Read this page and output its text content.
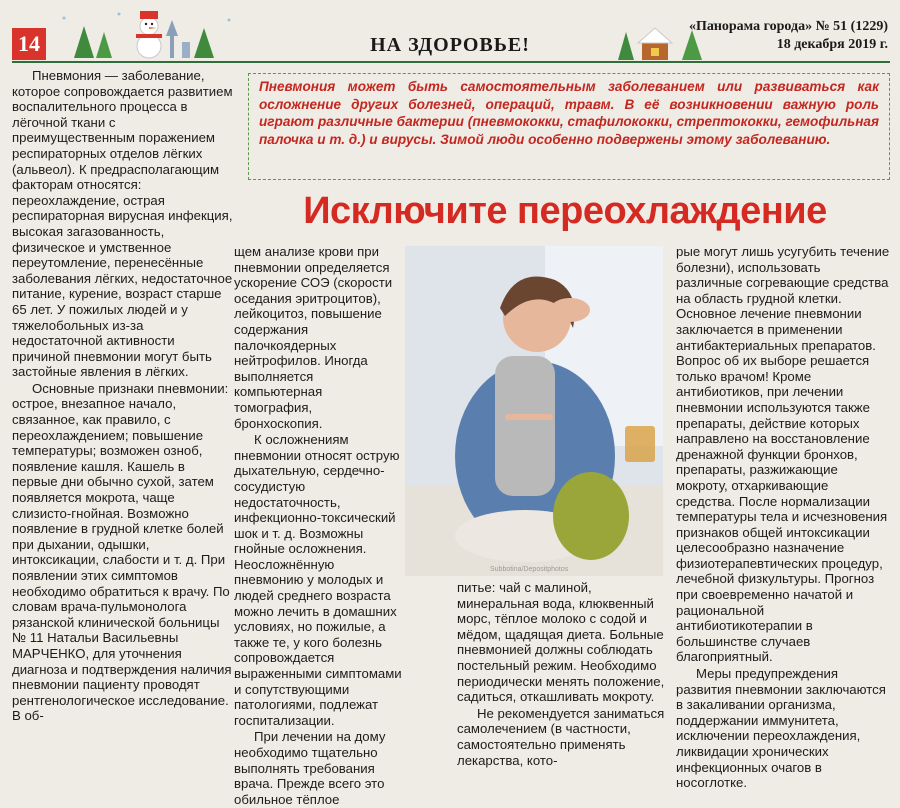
14	НА ЗДОРОВЬЕ!
«Панорама города» № 51 (1229)
18 декабря 2019 г.

Пневмония — заболевание, которое сопровождается развитием воспалительного процесса в лёгочной ткани с преимущественным поражением респираторных отделов лёгких (альвеол). К предрасполагающим факторам относятся: переохлаждение, острая респираторная вирусная инфекция, высокая загазованность, физическое и умственное переутомление, перенесённые заболевания лёгких, недостаточное питание, курение, возраст старше 65 лет. У пожилых людей и у тяжелобольных из-за недостаточной активности причиной пневмонии могут быть застойные явления в лёгких.

Основные признаки пневмонии: острое, внезапное начало, связанное, как правило, с переохлаждением; повышение температуры; возможен озноб, появление кашля. Кашель в первые дни обычно сухой, затем появляется мокрота, чаще слизисто-гнойная. Возможно появление в грудной клетке болей при дыхании, одышки, интоксикации, слабости и т. д. При появлении этих симптомов необходимо обратиться к врачу. По словам врача-пульмонолога рязанской клинической больницы № 11 Натальи Васильевны МАРЧЕНКО, для уточнения диагноза и подтверждения наличия пневмонии пациенту проводят рентгенологическое исследование. В об-

Пневмония может быть самостоятельным заболеванием или развиваться как осложнение других болезней, операций, травм. В её возникновении важную роль играют различные бактерии (пневмококки, стафилококки, стрептококки, гемофильная палочка и т. д.) и вирусы. Зимой люди особенно подвержены этому заболеванию.
Исключите переохлаждение

щем анализе крови при пневмонии определяется ускорение СОЭ (скорости оседания эритроцитов), лейкоцитоз, повышение содержания палочкоядерных нейтрофилов. Иногда выполняется компьютерная томография, бронхоскопия.

К осложнениям пневмонии относят острую дыхательную, сердечно-сосудистую недостаточность, инфекционно-токсический шок и т. д. Возможны гнойные осложнения. Неосложнённую пневмонию у молодых и людей среднего возраста можно лечить в домашних условиях, но пожилые, а также те, у кого болезнь сопровождается выраженными симптомами и сопутствующими патологиями, подлежат госпитализации.

При лечении на дому необходимо тщательно выполнять требования врача. Прежде всего это обильное тёплое

Subbotina/Depositphotos

питье: чай с малиной, минеральная вода, клюквенный морс, тёплое молоко с содой и мёдом, щадящая диета. Больные пневмонией должны соблюдать постельный режим. Необходимо периодически менять положение, садиться, откашливать мокроту.

Не рекомендуется заниматься самолечением (в частности, самостоятельно применять лекарства, кото-

рые могут лишь усугубить течение болезни), использовать различные согревающие средства на область грудной клетки. Основное лечение пневмонии заключается в применении антибактериальных препаратов. Вопрос об их выборе решается только врачом! Кроме антибиотиков, при лечении пневмонии используются также препараты, действие которых направлено на восстановление дренажной функции бронхов, препараты, разжижающие мокроту, отхаркивающие средства. После нормализации температуры тела и исчезновения признаков общей интоксикации целесообразно назначение физиотерапевтических процедур, лечебной физкультуры. Прогноз при своевременно начатой и рациональной антибиотикотерапии в большинстве случаев благоприятный.

Меры предупреждения развития пневмонии заключаются в закаливании организма, поддержании иммунитета, исключении переохлаждения, ликвидации хронических инфекционных очагов в носоглотке.
